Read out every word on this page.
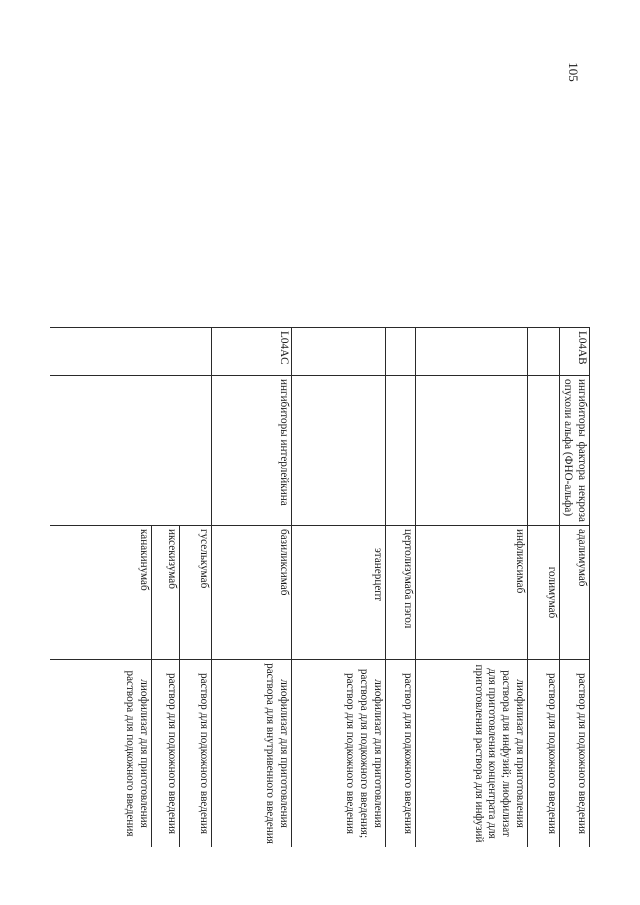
105
L04AB	ингибиторы фактора некроза опухоли альфа (ФНО-альфа)	адалимумаб	раствор для подкожного введения
		голимумаб	раствор для подкожного введения
		инфликсимаб	лиофилизат для приготовления раствора для инфузий; лиофилизат для приготовления концентрата для приготовления раствора для инфузий
		цертолизумаба пэгол	раствор для подкожного введения
		этанерцепт	лиофилизат для приготовления раствора для подкожного введения; раствор для подкожного введения
L04AC	ингибиторы интерлейкина	базиликсимаб	лиофилизат для приготовления раствора для внутривенного введения
		гуселькумаб	раствор для подкожного введения
		иксекизумаб	раствор для подкожного введения
		канакинумаб	лиофилизат для приготовления раствора для подкожного введения
